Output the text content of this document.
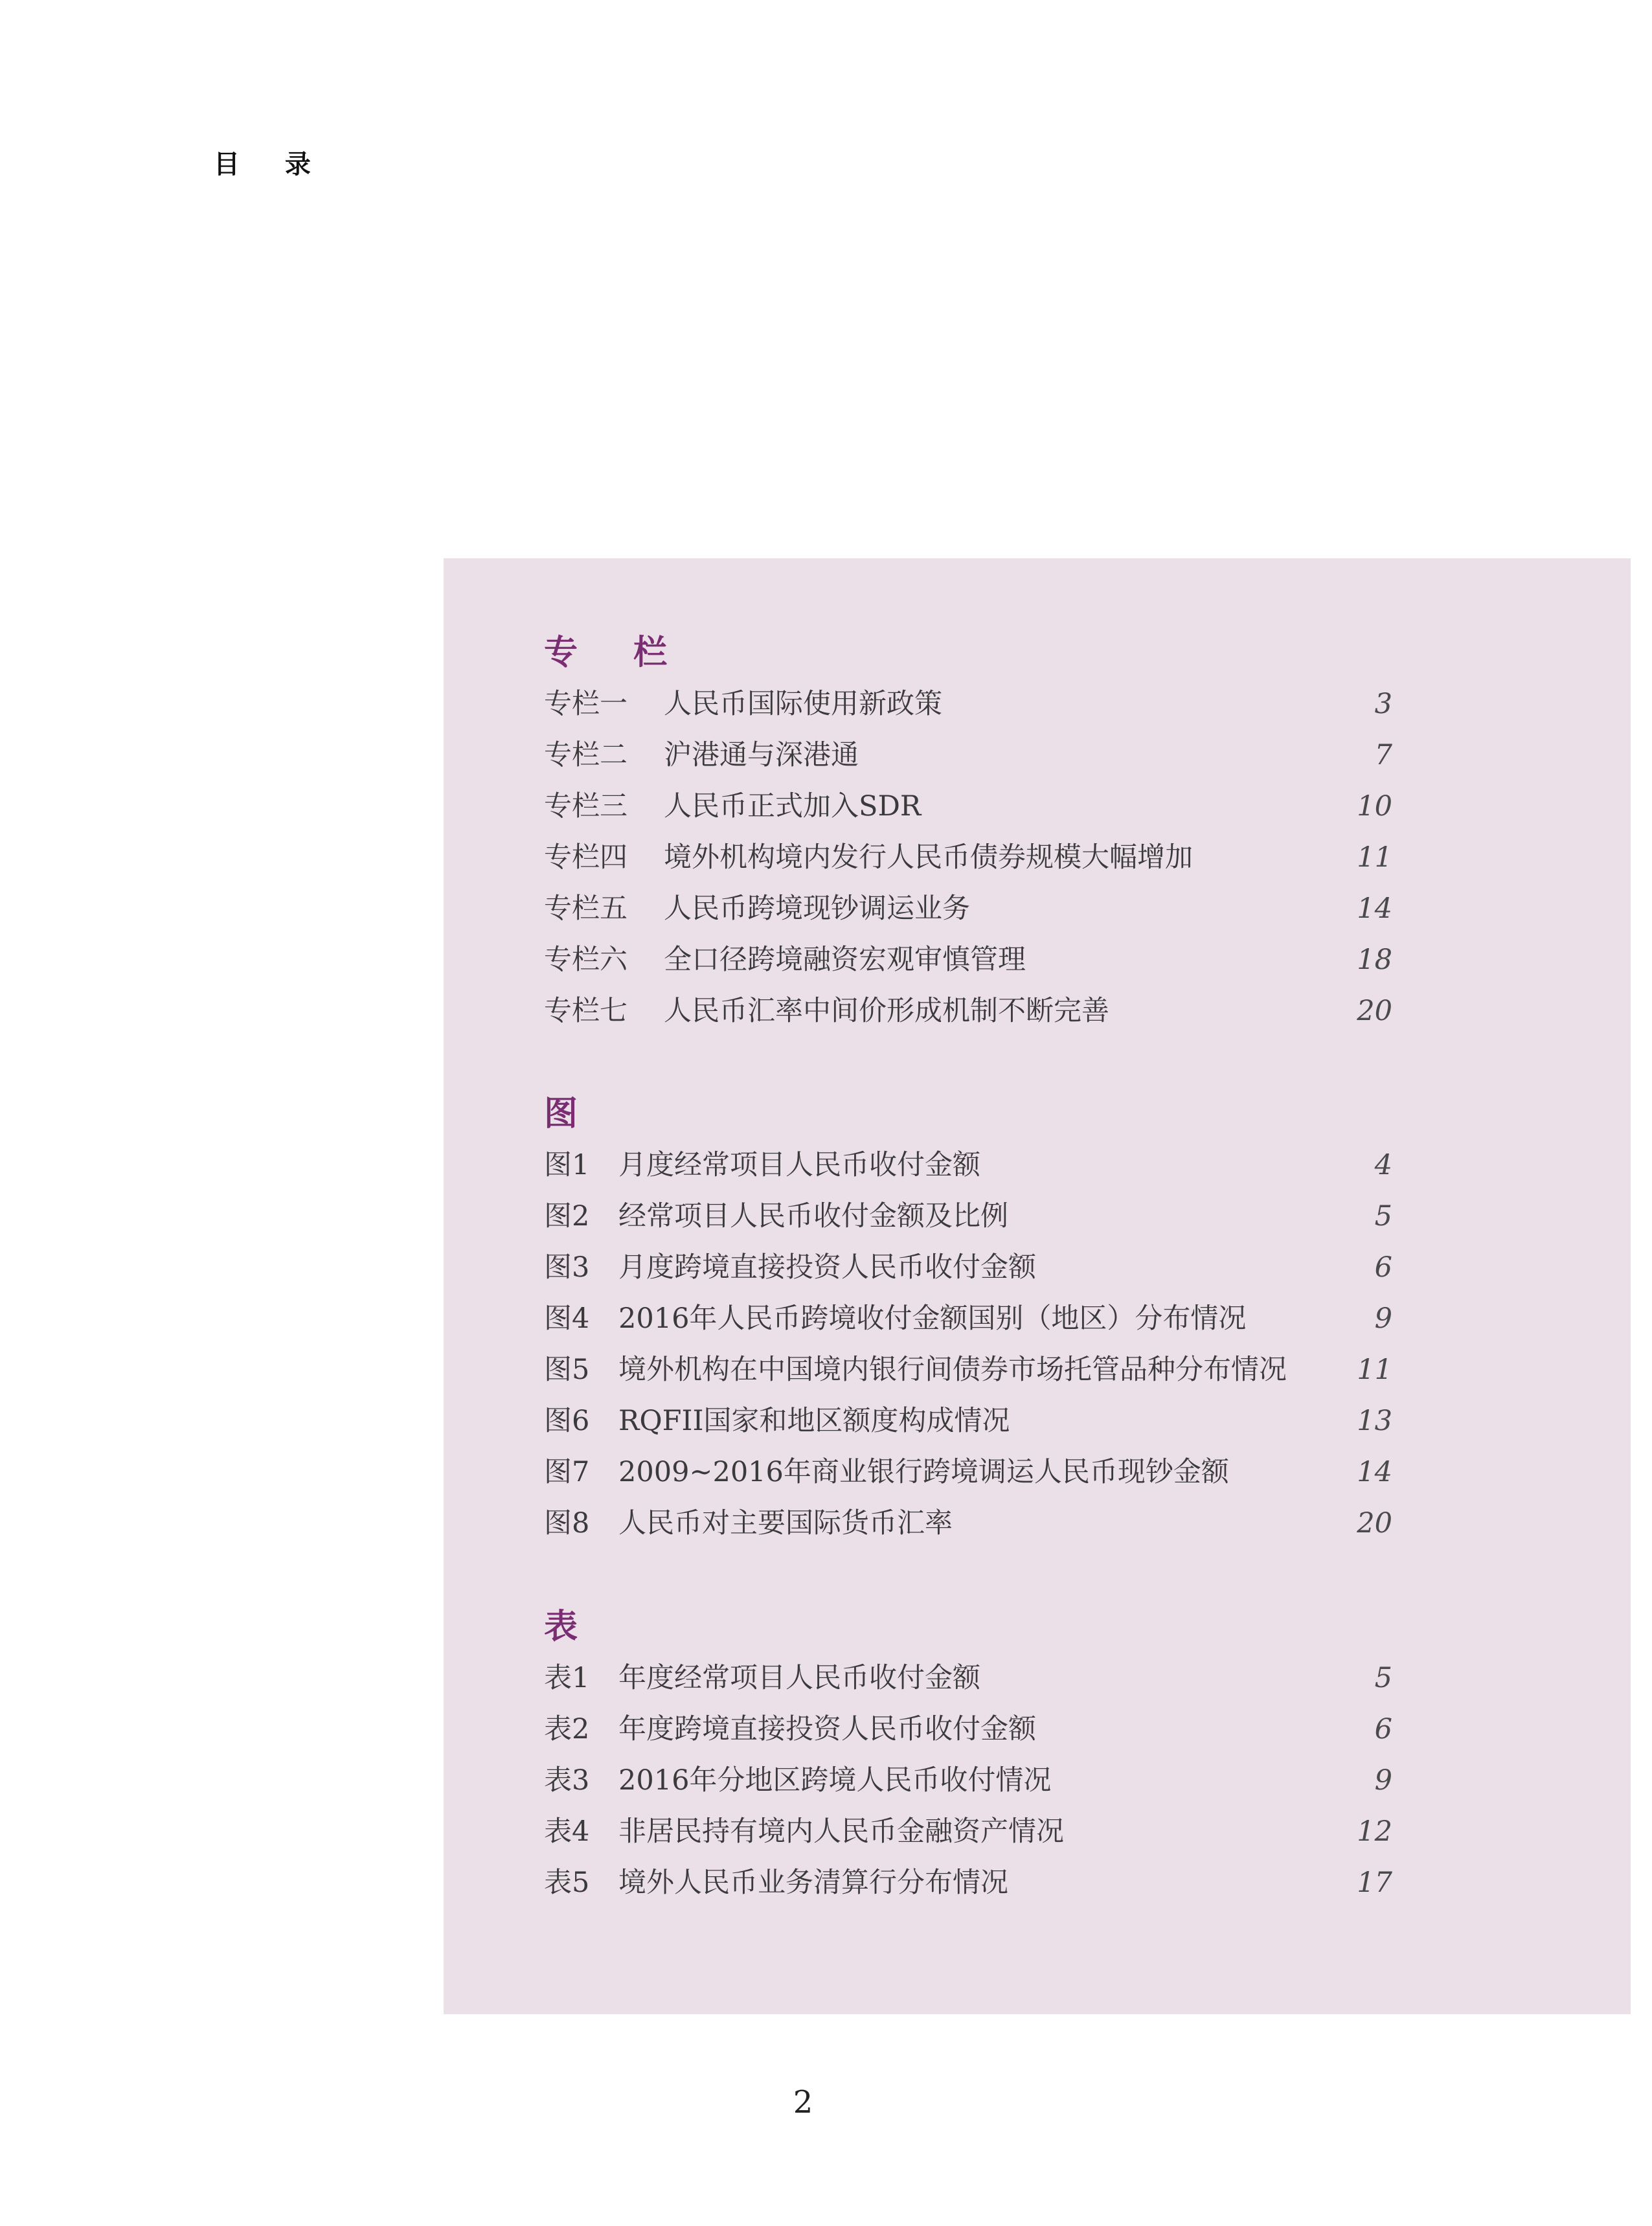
目 录
专 栏
专栏一 人民币国际使用新政策	3
专栏二 沪港通与深港通	7
专栏三 人民币正式加入SDR	10
专栏四 境外机构境内发行人民币债券规模大幅增加	11
专栏五 人民币跨境现钞调运业务	14
专栏六 全口径跨境融资宏观审慎管理	18
专栏七 人民币汇率中间价形成机制不断完善	20
图
图1 月度经常项目人民币收付金额	4
图2 经常项目人民币收付金额及比例	5
图3 月度跨境直接投资人民币收付金额	6
图4 2016年人民币跨境收付金额国别（地区）分布情况	9
图5 境外机构在中国境内银行间债券市场托管品种分布情况	11
图6 RQFII国家和地区额度构成情况	13
图7 2009~2016年商业银行跨境调运人民币现钞金额	14
图8 人民币对主要国际货币汇率	20
表
表1 年度经常项目人民币收付金额	5
表2 年度跨境直接投资人民币收付金额	6
表3 2016年分地区跨境人民币收付情况	9
表4 非居民持有境内人民币金融资产情况	12
表5 境外人民币业务清算行分布情况	17
2
